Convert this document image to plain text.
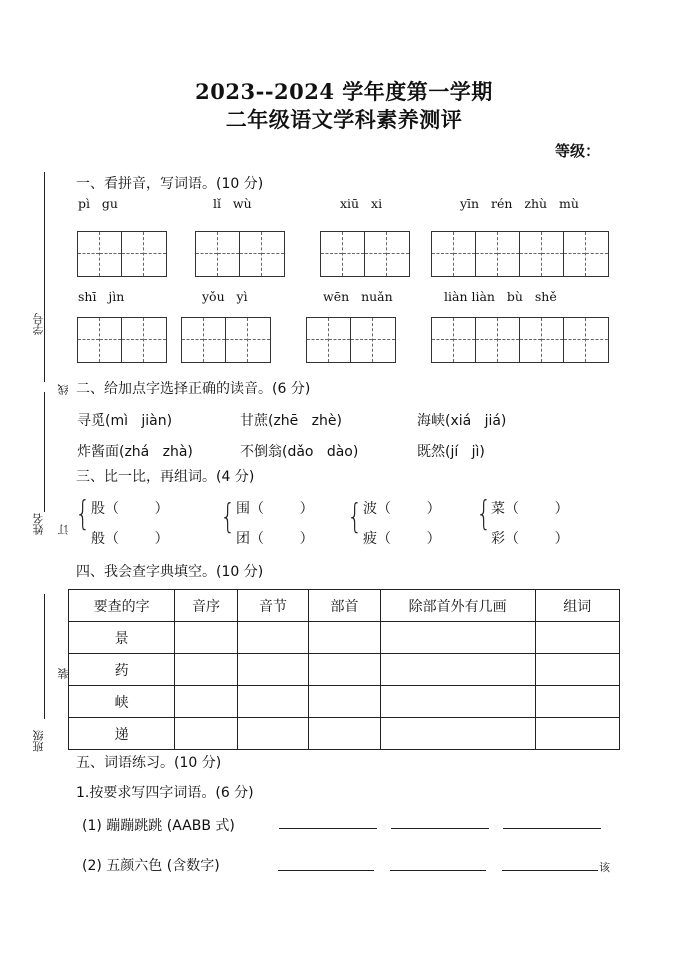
2023--2024 学年度第一学期
二年级语文学科素养测评
等级：
学号
线
姓名 订
装
班级
一、看拼音，写词语。(10 分)
pì   gu	lǐ   wù	xiū   xi	yīn   rén   zhù   mù
shī   jìn	yǒu   yì	wēn   nuǎn	liàn liàn   bù   shě
二、给加点字选择正确的读音。(6 分)
寻觅(mì   jiàn)	甘蔗(zhē   zhè)	海峡(xiá   jiá)
炸酱面(zhá   zhà)	不倒翁(dǎo   dào)	既然(jí   jì)
三、比一比，再组词。(4 分)
{ 股（        ）
般（        ）
{ 围（        ）
团（        ）
{ 波（        ）
疲（        ）
{ 菜（        ）
彩（        ）
四、我会查字典填空。(10 分)
要查的字	音序	音节	部首	除部首外有几画	组词
景					
药					
峡					
递					
五、词语练习。(10 分)
1.按要求写四字词语。(6 分)
(1) 蹦蹦跳跳 (AABB 式)
(2) 五颜六色 (含数字)	该
